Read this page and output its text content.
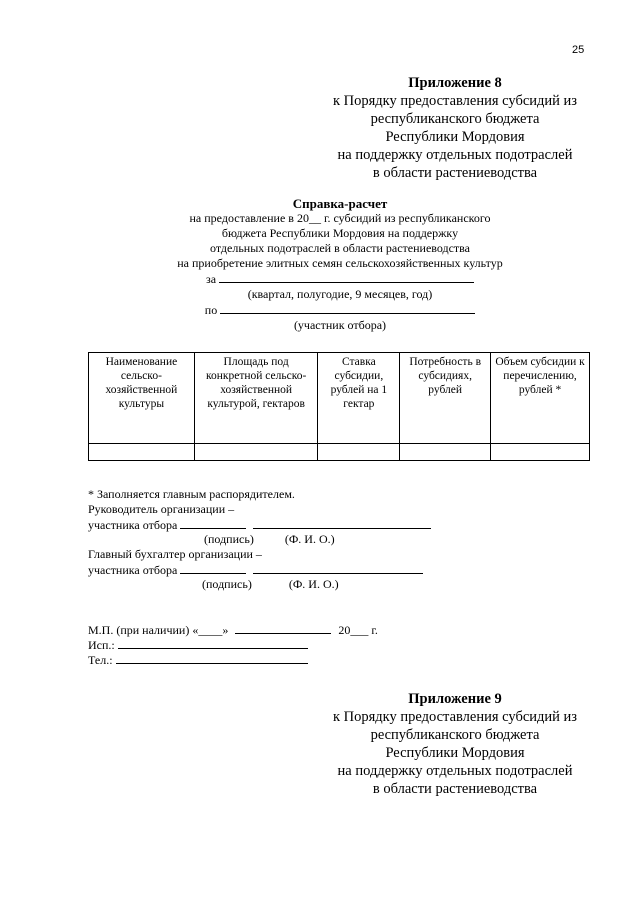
25
Приложение 8
к Порядку предоставления субсидий из
республиканского бюджета
Республики Мордовия
на поддержку отдельных подотраслей
в области растениеводства
Справка-расчет
на предоставление в 20__ г. субсидий из республиканского
бюджета Республики Мордовия на поддержку
отдельных подотраслей в области растениеводства
на приобретение элитных семян сельскохозяйственных культур
за
(квартал, полугодие, 9 месяцев, год)
по
(участник отбора)
Наименование сельско-хозяйственной культуры	Площадь под конкретной сельско-хозяйственной культурой, гектаров	Ставка субсидии, рублей на 1 гектар	Потребность в субсидиях, рублей	Объем субсидии к перечислению, рублей *

* Заполняется главным распорядителем.
Руководитель организации –
участника отбора
(подпись)	(Ф. И. О.)
Главный бухгалтер организации –
участника отбора
(подпись)	(Ф. И. О.)
М.П. (при наличии) «____»	20___ г.
Исп.:
Тел.:
Приложение 9
к Порядку предоставления субсидий из
республиканского бюджета
Республики Мордовия
на поддержку отдельных подотраслей
в области растениеводства
